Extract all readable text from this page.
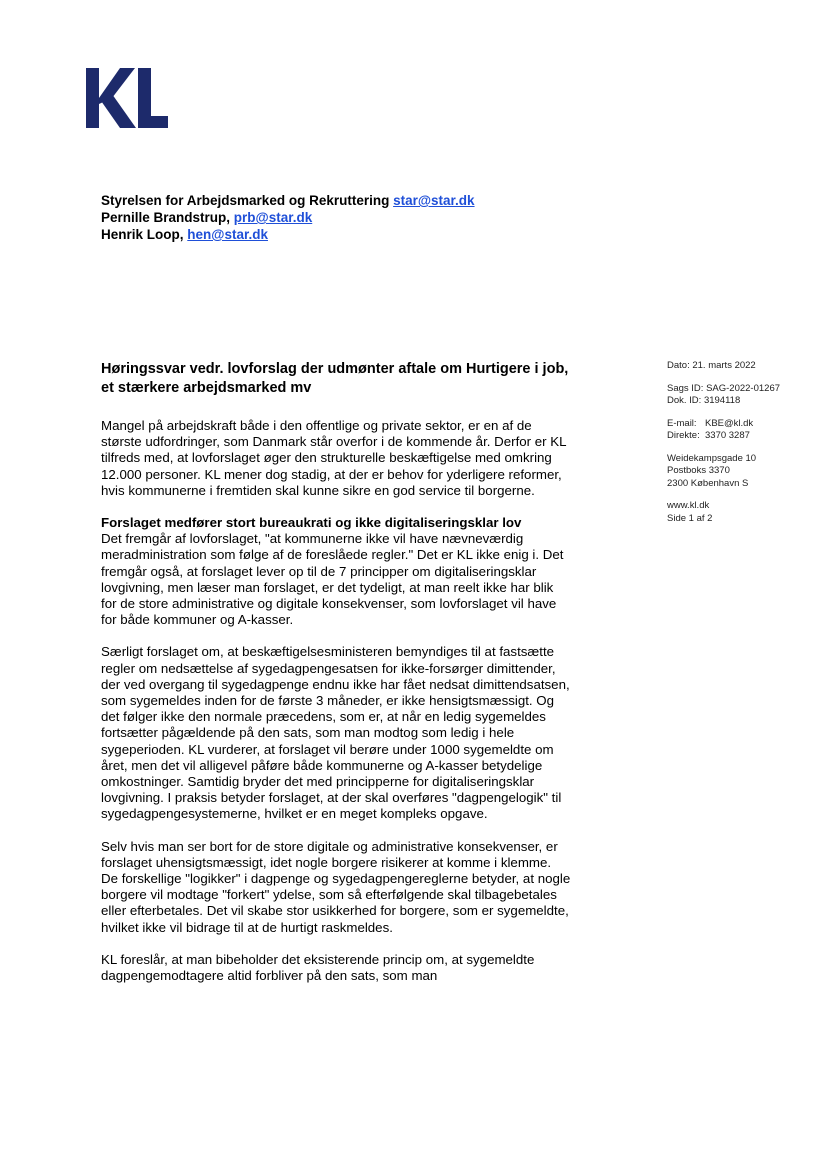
Styrelsen for Arbejdsmarked og Rekruttering star@star.dk
Pernille Brandstrup, prb@star.dk
Henrik Loop, hen@star.dk
Høringssvar vedr. lovforslag der udmønter aftale om Hurtigere i job, et stærkere arbejdsmarked mv
Dato: 21. marts 2022
Sags ID: SAG-2022-01267
Dok. ID: 3194118
E-mail: KBE@kl.dk
Direkte: 3370 3287
Weidekampsgade 10
Postboks 3370
2300 København S
www.kl.dk
Side 1 af 2

Mangel på arbejdskraft både i den offentlige og private sektor, er en af de største udfordringer, som Danmark står overfor i de kommende år. Derfor er KL tilfreds med, at lovforslaget øger den strukturelle beskæftigelse med omkring 12.000 personer. KL mener dog stadig, at der er behov for yderligere reformer, hvis kommunerne i fremtiden skal kunne sikre en god service til borgerne.

Forslaget medfører stort bureaukrati og ikke digitaliseringsklar lov

Det fremgår af lovforslaget, "at kommunerne ikke vil have nævneværdig meradministration som følge af de foreslåede regler." Det er KL ikke enig i. Det fremgår også, at forslaget lever op til de 7 principper om digitaliseringsklar lovgivning, men læser man forslaget, er det tydeligt, at man reelt ikke har blik for de store administrative og digitale konsekvenser, som lovforslaget vil have for både kommuner og A-kasser.

Særligt forslaget om, at beskæftigelsesministeren bemyndiges til at fastsætte regler om nedsættelse af sygedagpengesatsen for ikke-forsørger dimittender, der ved overgang til sygedagpenge endnu ikke har fået nedsat dimittendsatsen, som sygemeldes inden for de første 3 måneder, er ikke hensigtsmæssigt. Og det følger ikke den normale præcedens, som er, at når en ledig sygemeldes fortsætter pågældende på den sats, som man modtog som ledig i hele sygeperioden. KL vurderer, at forslaget vil berøre under 1000 sygemeldte om året, men det vil alligevel påføre både kommunerne og A-kasser betydelige omkostninger. Samtidig bryder det med principperne for digitaliseringsklar lovgivning. I praksis betyder forslaget, at der skal overføres "dagpengelogik" til sygedagpengesystemerne, hvilket er en meget kompleks opgave.

Selv hvis man ser bort for de store digitale og administrative konsekvenser, er forslaget uhensigtsmæssigt, idet nogle borgere risikerer at komme i klemme. De forskellige "logikker" i dagpenge og sygedagpengereglerne betyder, at nogle borgere vil modtage "forkert" ydelse, som så efterfølgende skal tilbagebetales eller efterbetales. Det vil skabe stor usikkerhed for borgere, som er sygemeldte, hvilket ikke vil bidrage til at de hurtigt raskmeldes.

KL foreslår, at man bibeholder det eksisterende princip om, at sygemeldte dagpengemodtagere altid forbliver på den sats, som man
